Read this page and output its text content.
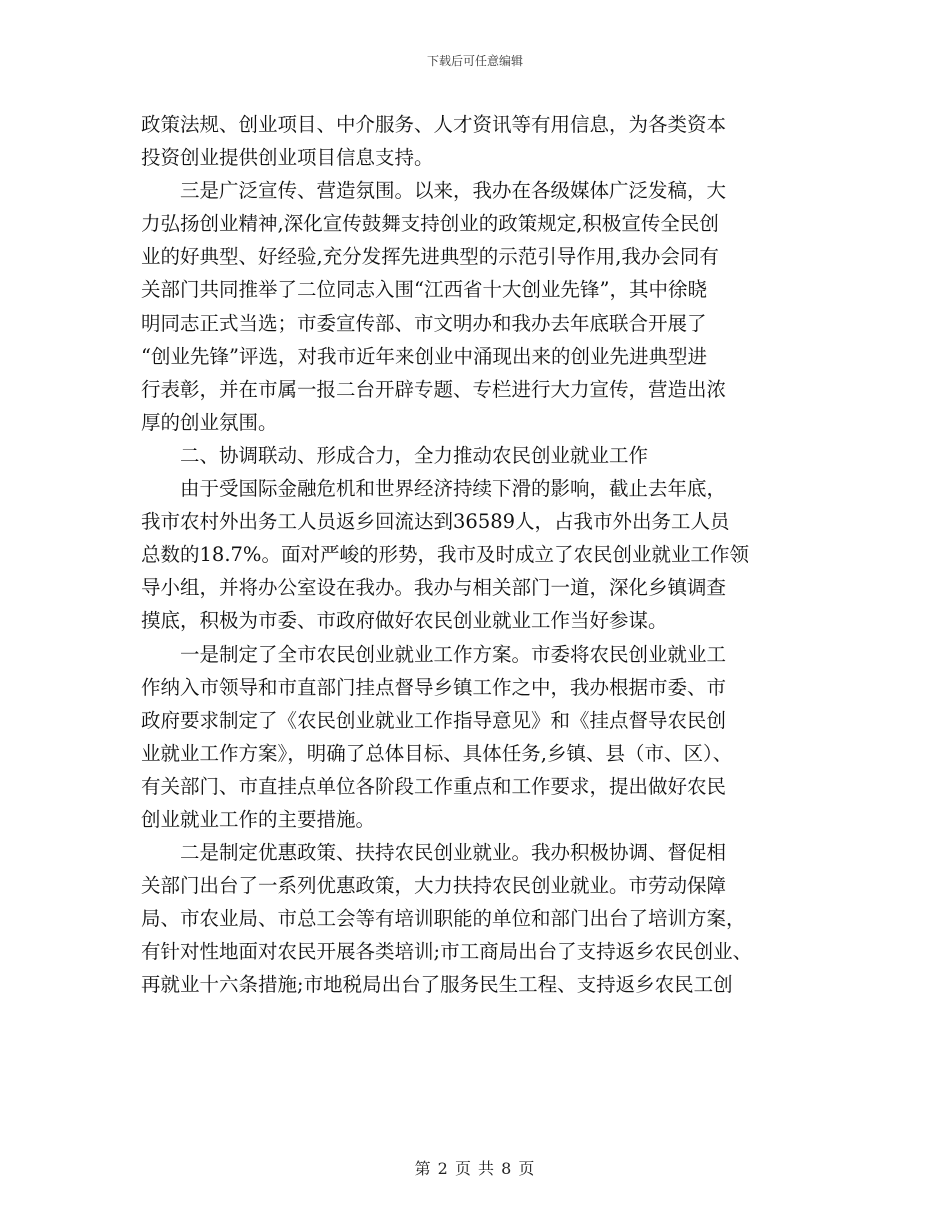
下载后可任意编辑
政策法规、创业项目、中介服务、人才资讯等有用信息，为各类资本
投资创业提供创业项目信息支持。
三是广泛宣传、营造氛围。以来，我办在各级媒体广泛发稿，大
力弘扬创业精神,深化宣传鼓舞支持创业的政策规定,积极宣传全民创
业的好典型、好经验,充分发挥先进典型的示范引导作用,我办会同有
关部门共同推举了二位同志入围“江西省十大创业先锋”，其中徐晓
明同志正式当选；市委宣传部、市文明办和我办去年底联合开展了
“创业先锋”评选，对我市近年来创业中涌现出来的创业先进典型进
行表彰，并在市属一报二台开辟专题、专栏进行大力宣传，营造出浓
厚的创业氛围。
二、协调联动、形成合力，全力推动农民创业就业工作
由于受国际金融危机和世界经济持续下滑的影响，截止去年底，
我市农村外出务工人员返乡回流达到36589人，占我市外出务工人员
总数的18.7%。面对严峻的形势，我市及时成立了农民创业就业工作领
导小组，并将办公室设在我办。我办与相关部门一道，深化乡镇调查
摸底，积极为市委、市政府做好农民创业就业工作当好参谋。
一是制定了全市农民创业就业工作方案。市委将农民创业就业工
作纳入市领导和市直部门挂点督导乡镇工作之中，我办根据市委、市
政府要求制定了《农民创业就业工作指导意见》和《挂点督导农民创
业就业工作方案》，明确了总体目标、具体任务,乡镇、县（市、区）、
有关部门、市直挂点单位各阶段工作重点和工作要求，提出做好农民
创业就业工作的主要措施。
二是制定优惠政策、扶持农民创业就业。我办积极协调、督促相
关部门出台了一系列优惠政策，大力扶持农民创业就业。市劳动保障
局、市农业局、市总工会等有培训职能的单位和部门出台了培训方案，
有针对性地面对农民开展各类培训;市工商局出台了支持返乡农民创业、
再就业十六条措施;市地税局出台了服务民生工程、支持返乡农民工创
第 2 页 共 8 页
